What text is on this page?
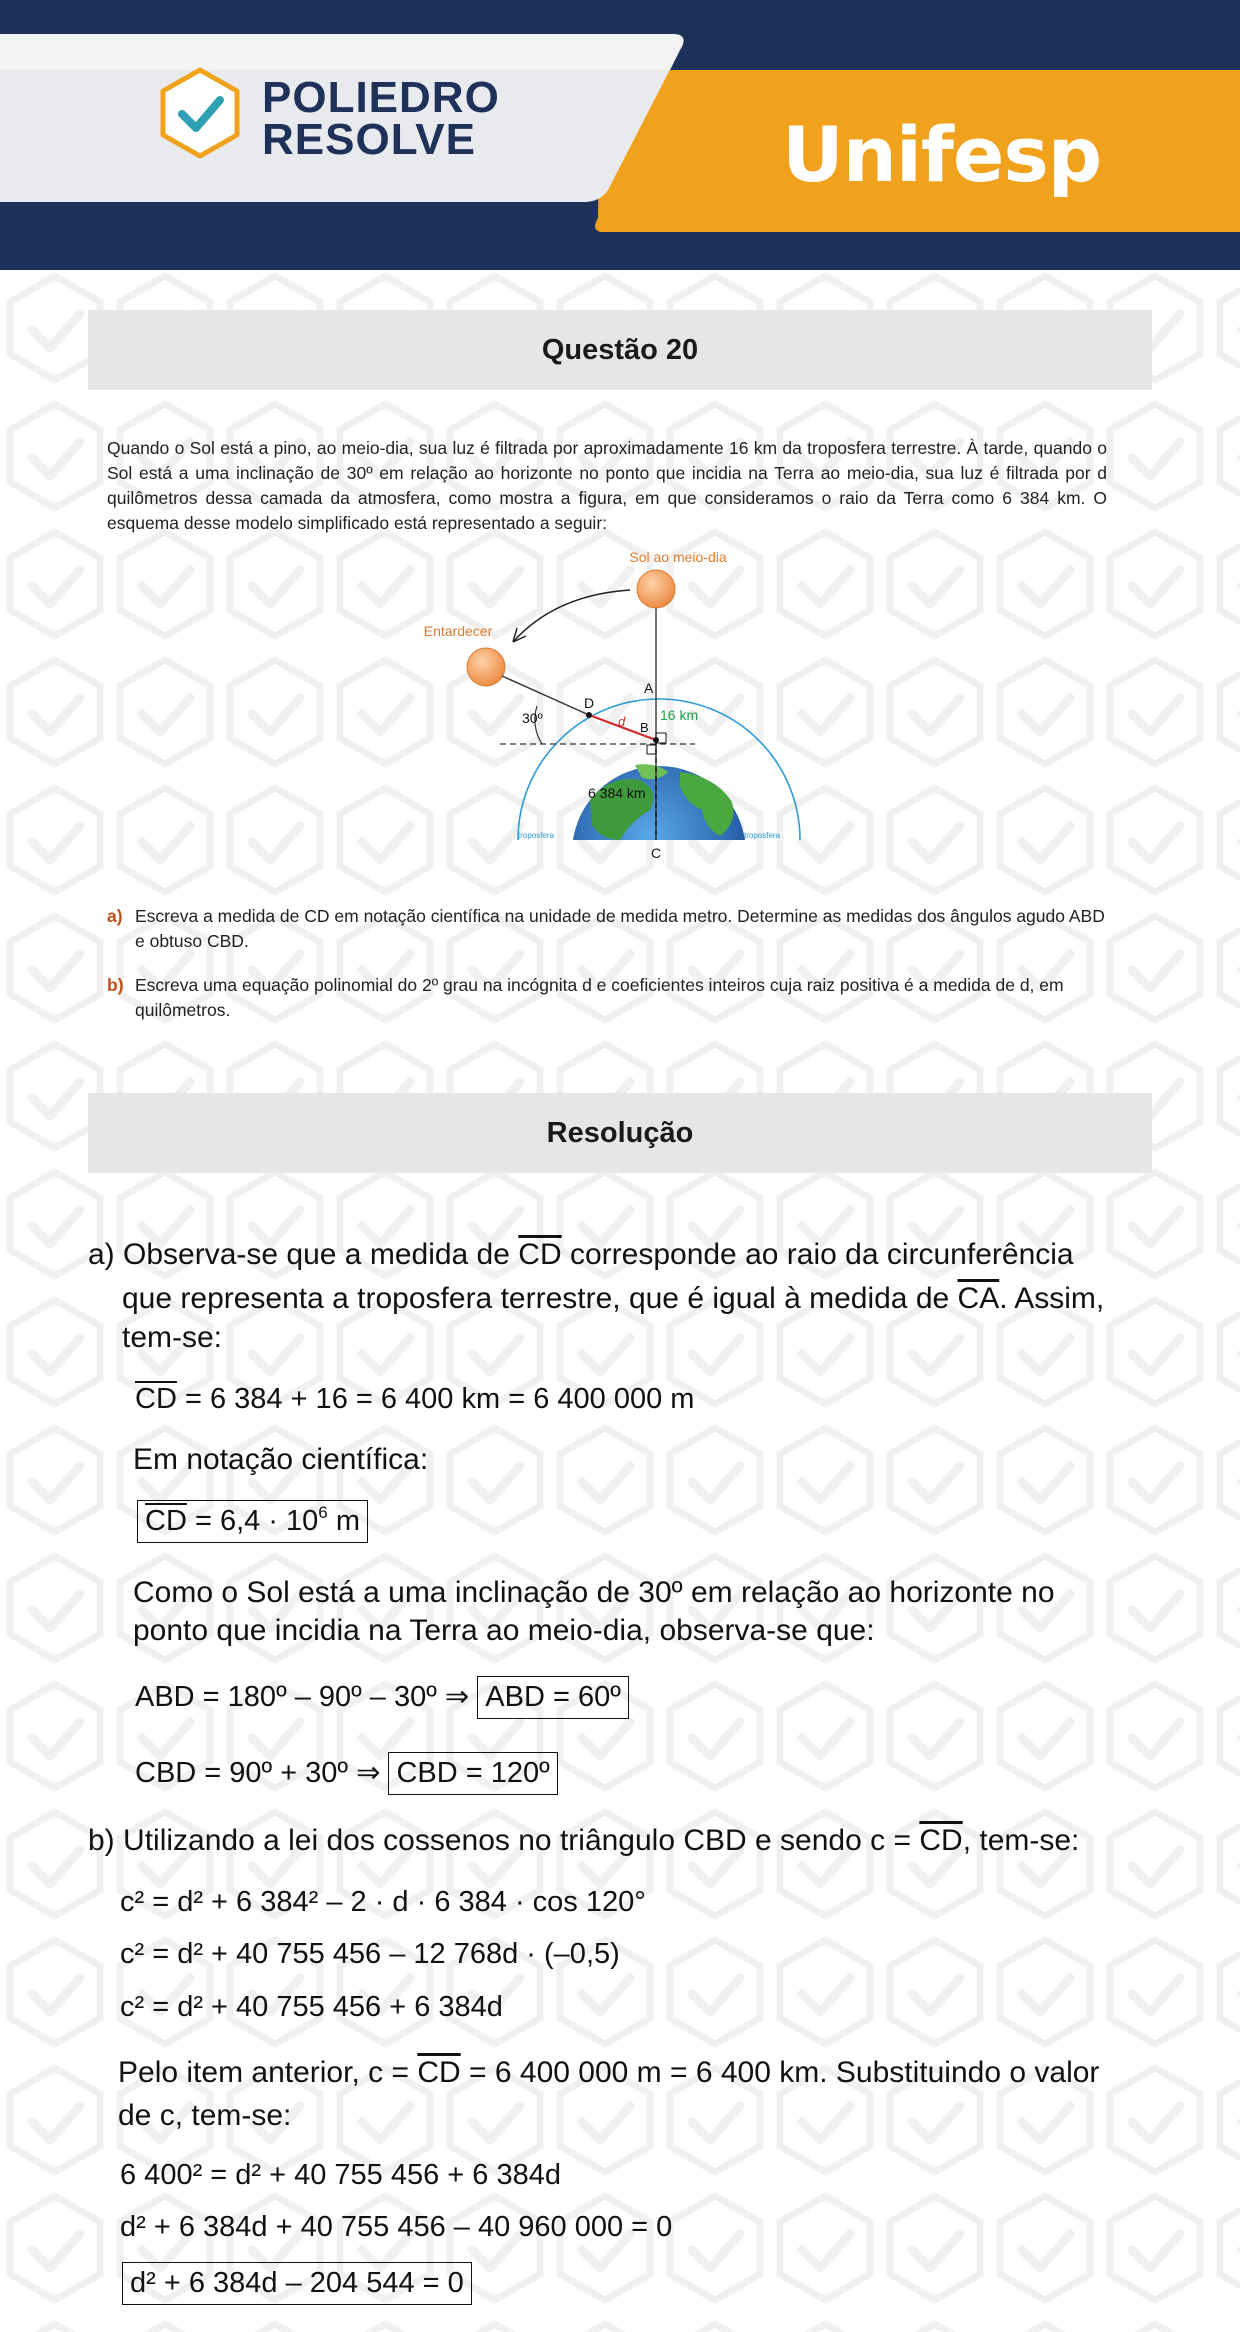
POLIEDRO
RESOLVE	Unifesp
Questão 20
Quando o Sol está a pino, ao meio-dia, sua luz é filtrada por aproximadamente 16 km da troposfera terrestre. À tarde, quando o Sol está a uma inclinação de 30º em relação ao horizonte no ponto que incidia na Terra ao meio-dia, sua luz é filtrada por d quilômetros dessa camada da atmosfera, como mostra a figura, em que consideramos o raio da Terra como 6 384 km. O esquema desse modelo simplificado está representado a seguir:
Sol ao meio-dia
Entardecer
30º
A
D
B
d 16 km
6 384 km
C
troposfera	troposfera
a) Escreva a medida de CD em notação científica na unidade de medida metro. Determine as medidas dos ângulos agudo ABD e obtuso CBD.
b) Escreva uma equação polinomial do 2º grau na incógnita d e coeficientes inteiros cuja raiz positiva é a medida de d, em quilômetros.
Resolução
a) Observa-se que a medida de $\overline{CD}$ corresponde ao raio da circunferência
que representa a troposfera terrestre, que é igual à medida de $\overline{CA}$. Assim,
tem-se:
$\overline{CD} = 6$ 384 + 16 = 6 400 km = 6 400 000 m
Em notação científica:
$\overline{CD} = 6,4 \cdot 10^6$ m
Como o Sol está a uma inclinação de 30º em relação ao horizonte no
ponto que incidia na Terra ao meio-dia, observa-se que:
ABD = 180º – 90º – 30º ⇒ ABD = 60º
CBD = 90º + 30º ⇒ CBD = 120º
b) Utilizando a lei dos cossenos no triângulo CBD e sendo $c = \overline{CD}$, tem-se:
c² = d² + 6 384² – 2 · d · 6 384 · cos 120°
c² = d² + 40 755 456 – 12 768d · (–0,5)
c² = d² + 40 755 456 + 6 384d
Pelo item anterior, $c = \overline{CD} = 6$ 400 000 m = 6 400 km. Substituindo o valor
de c, tem-se:
6 400² = d² + 40 755 456 + 6 384d
d² + 6 384d + 40 755 456 – 40 960 000 = 0
d² + 6 384d – 204 544 = 0
